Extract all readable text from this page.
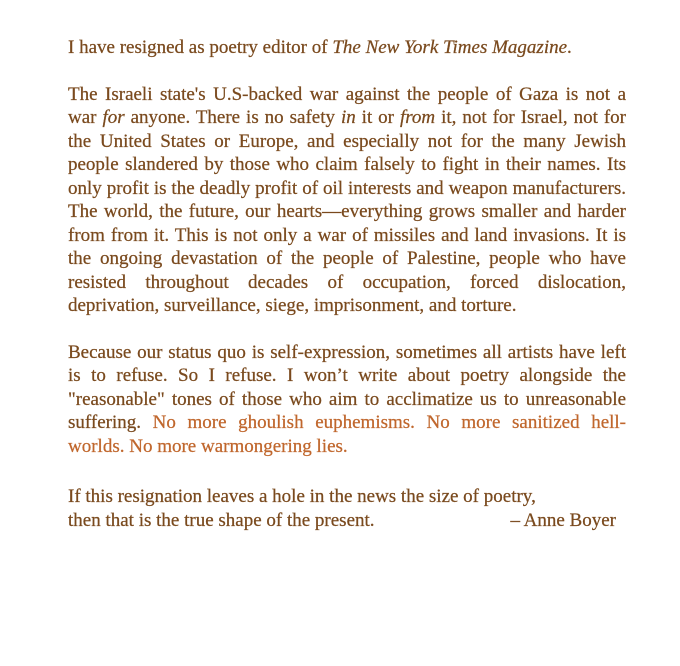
I have resigned as poetry editor of The New York Times Magazine.

The Israeli state's U.S-backed war against the people of Gaza is not a war for anyone. There is no safety in it or from it, not for Israel, not for the United States or Europe, and especially not for the many Jewish people slandered by those who claim falsely to fight in their names. Its only profit is the deadly profit of oil interests and weapon manufacturers. The world, the future, our hearts—everything grows smaller and harder from from it. This is not only a war of missiles and land invasions. It is the ongoing devastation of the people of Palestine, people who have resisted throughout decades of occupation, forced dislocation, deprivation, surveillance, siege, imprisonment, and torture.

Because our status quo is self-expression, sometimes all artists have left is to refuse. So I refuse. I won’t write about poetry alongside the "reasonable" tones of those who aim to acclimatize us to unreasonable suffering. No more ghoulish euphemisms. No more sanitized hell-worlds. No more warmongering lies.

If this resignation leaves a hole in the news the size of poetry,
then that is the true shape of the present.	– Anne Boyer
